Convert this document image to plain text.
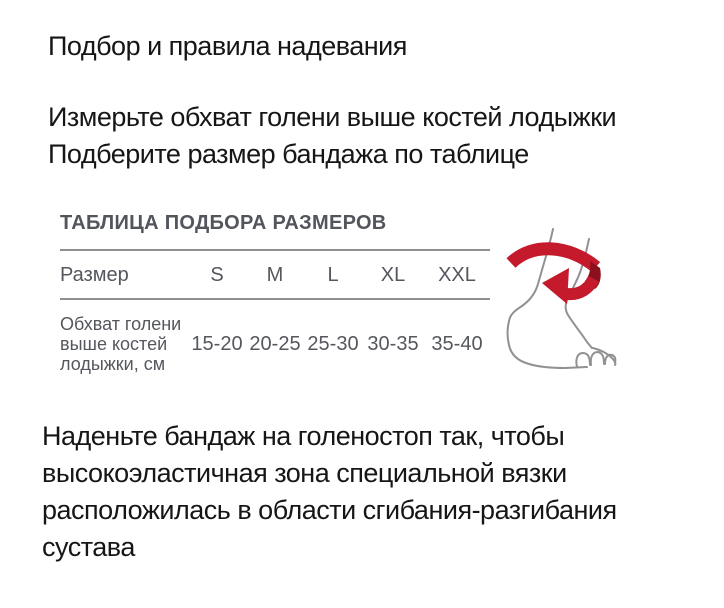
Подбор и правила надевания
Измерьте обхват голени выше костей лодыжки
Подберите размер бандажа по таблице
ТАБЛИЦА ПОДБОРА РАЗМЕРОВ
Размер	S	M	L	XL	XXL
Обхват голени
выше костей
лодыжки, см
15-20 20-25 25-30 30-35 35-40
Наденьте бандаж на голеностоп так, чтобы
высокоэластичная зона специальной вязки
расположилась в области сгибания-разгибания
сустава
